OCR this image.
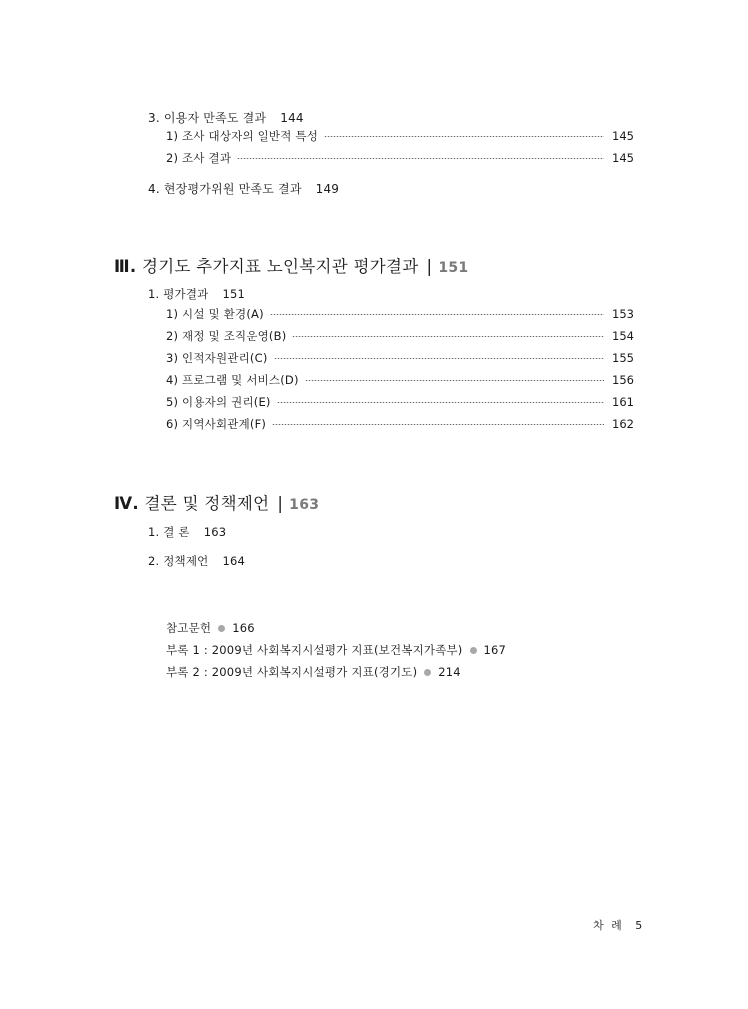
3. 이용자 만족도 결과 144
1) 조사 대상자의 일반적 특성	145
2) 조사 결과	145
4. 현장평가위원 만족도 결과 149
Ⅲ. 경기도 추가지표 노인복지관 평가결과 | 151
1. 평가결과 151
1) 시설 및 환경(A)	153
2) 재정 및 조직운영(B)	154
3) 인적자원관리(C)	155
4) 프로그램 및 서비스(D)	156
5) 이용자의 권리(E)	161
6) 지역사회관계(F)	162
Ⅳ. 결론 및 정책제언 | 163
1. 결 론 163
2. 정책제언 164
참고문헌 166
부록 1 : 2009년 사회복지시설평가 지표(보건복지가족부) 167
부록 2 : 2009년 사회복지시설평가 지표(경기도) 214
차 례 5
